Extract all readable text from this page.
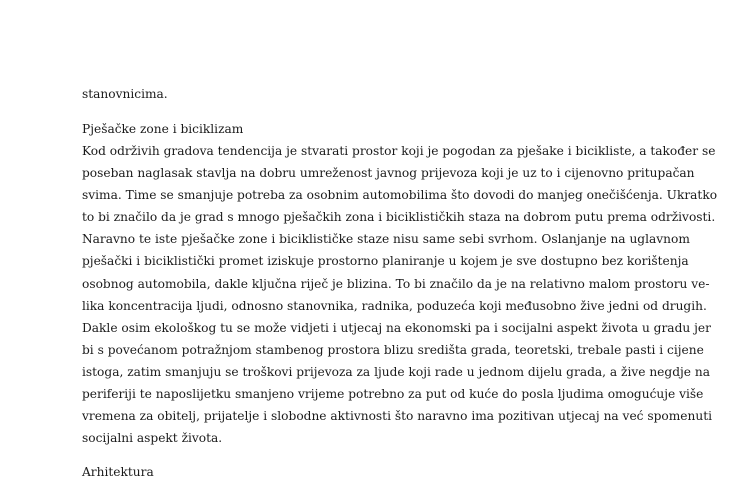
stanovnicima.
Pješačke zone i biciklizam
Kod održivih gradova tendencija je stvarati prostor koji je pogodan za pješake i bicikliste, a također se
poseban naglasak stavlja na dobru umreženost javnog prijevoza koji je uz to i cijenovno pritupačan
svima. Time se smanjuje potreba za osobnim automobilima što dovodi do manjeg onečišćenja. Ukratko
to bi značilo da je grad s mnogo pješačkih zona i biciklističkih staza na dobrom putu prema održivosti.
Naravno te iste pješačke zone i biciklističke staze nisu same sebi svrhom. Oslanjanje na uglavnom
pješački i biciklistički promet iziskuje prostorno planiranje u kojem je sve dostupno bez korištenja
osobnog automobila, dakle ključna riječ je blizina. To bi značilo da je na relativno malom prostoru ve-
lika koncentracija ljudi, odnosno stanovnika, radnika, poduzeća koji međusobno žive jedni od drugih.
Dakle osim ekološkog tu se može vidjeti i utjecaj na ekonomski pa i socijalni aspekt života u gradu jer
bi s povećanom potražnjom stambenog prostora blizu središta grada, teoretski, trebale pasti i cijene
istoga, zatim smanjuju se troškovi prijevoza za ljude koji rade u jednom dijelu grada, a žive negdje na
periferiji te naposlijetku smanjeno vrijeme potrebno za put od kuće do posla ljudima omogućuje više
vremena za obitelj, prijatelje i slobodne aktivnosti što naravno ima pozitivan utjecaj na već spomenuti
socijalni aspekt života.
Arhitektura
